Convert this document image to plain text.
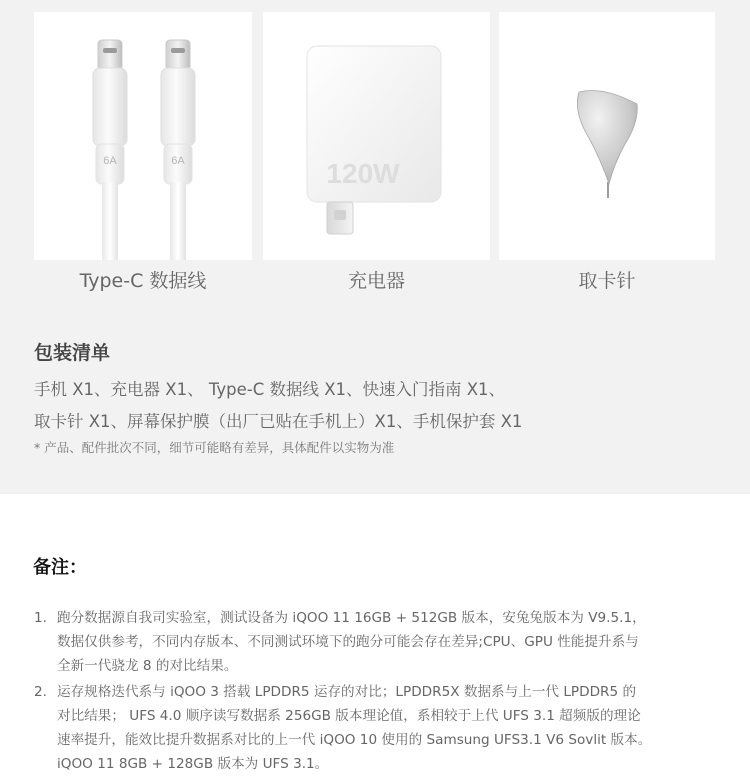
6A	6A	120W
Type-C 数据线	充电器	取卡针
包装清单
手机 X1、充电器 X1、 Type-C 数据线 X1、快速入门指南 X1、
取卡针 X1、屏幕保护膜（出厂已贴在手机上）X1、手机保护套 X1
* 产品、配件批次不同，细节可能略有差异，具体配件以实物为准
备注：
1. 跑分数据源自我司实验室，测试设备为 iQOO 11 16GB + 512GB 版本，安兔兔版本为 V9.5.1，
数据仅供参考，不同内存版本、不同测试环境下的跑分可能会存在差异;CPU、GPU 性能提升系与
全新一代骁龙 8 的对比结果。
2. 运存规格迭代系与 iQOO 3 搭载 LPDDR5 运存的对比；LPDDR5X 数据系与上一代 LPDDR5 的
对比结果； UFS 4.0 顺序读写数据系 256GB 版本理论值，系相较于上代 UFS 3.1 超频版的理论
速率提升，能效比提升数据系对比的上一代 iQOO 10 使用的 Samsung UFS3.1 V6 Sovlit 版本。
iQOO 11 8GB + 128GB 版本为 UFS 3.1。
